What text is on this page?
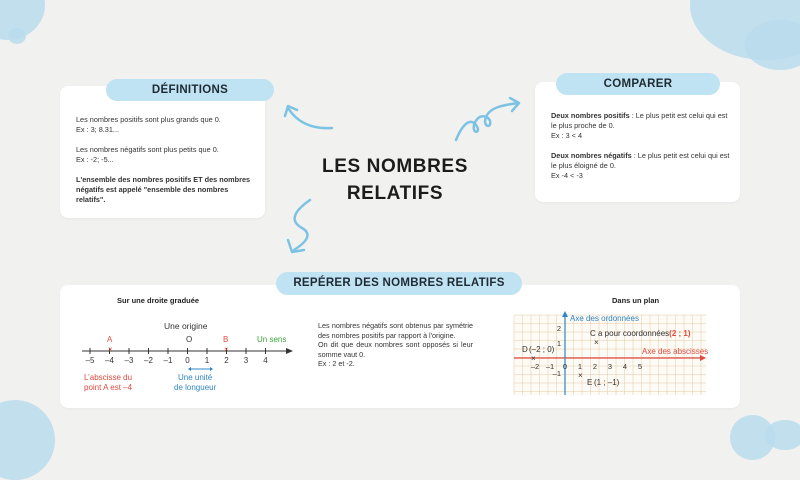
LES NOMBRES
RELATIFS
DÉFINITIONS

Les nombres positifs sont plus grands que 0.
Ex : 3; 8.31...

Les nombres négatifs sont plus petits que 0.
Ex : -2; -5...

L'ensemble des nombres positifs ET des nombres négatifs est appelé "ensemble des nombres relatifs".

COMPARER

Deux nombres positifs : Le plus petit est celui qui est le plus proche de 0.
Ex : 3 < 4

Deux nombres négatifs : Le plus petit est celui qui est le plus éloigné de 0.
Ex -4 < -3

REPÉRER DES NOMBRES RELATIFS
Sur une droite graduée	Dans un plan
Une origine
O
A	B	Un sens
–5 –4 –3 –2 –1 0 1 2 3 4
×	×
L’abscisse du
point A est –4
Une unité
de longueur
Les nombres négatifs sont obtenus par symétrie des nombres positifs par rapport à l'origine.
On dit que deux nombres sont opposés si leur somme vaut 0.
Ex : 2 et -2.	–2 –1 0 1 2 3 4 5
2
1
–1
Axe des ordonnées
Axe des abscisses
C a pour coordonnées(2 ; 1)
×
D (–2 ; 0)
×
×
E (1 ; –1)
